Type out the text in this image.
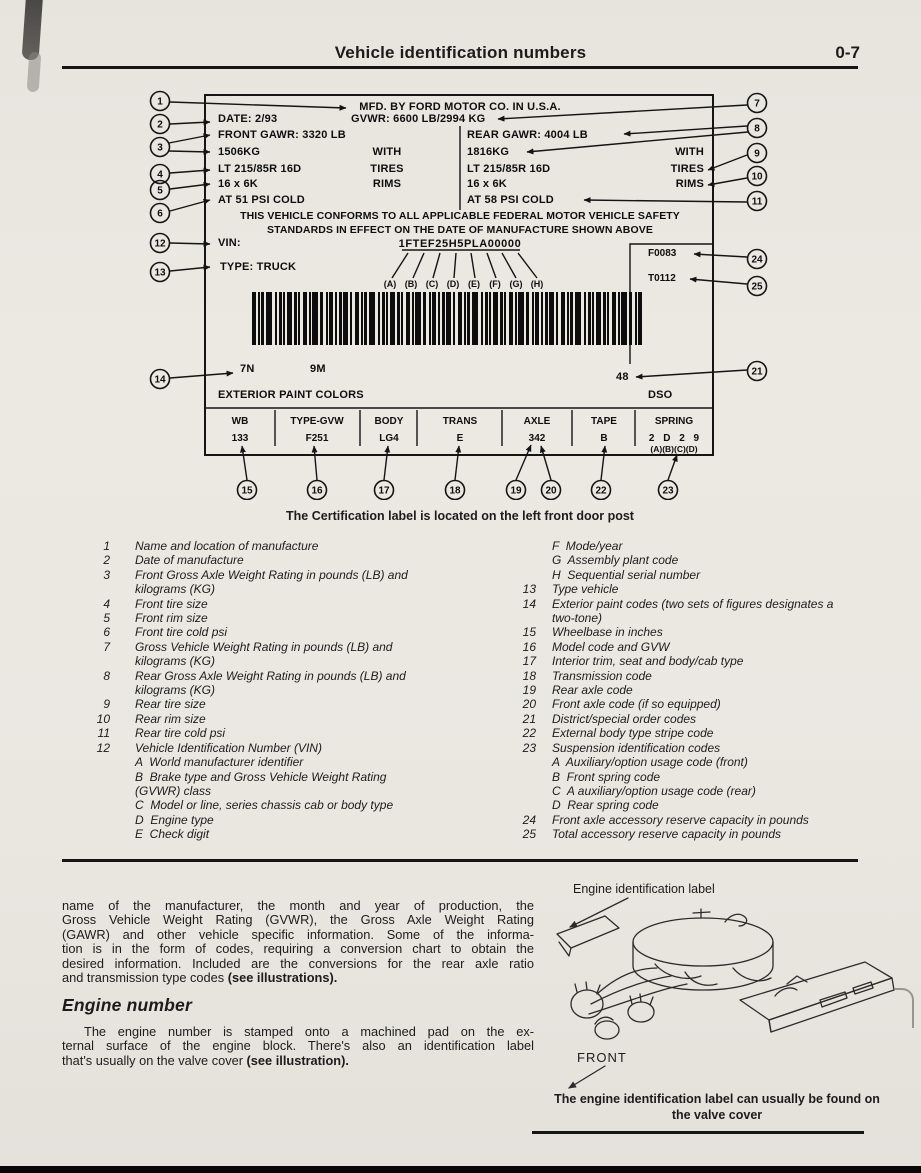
Vehicle identification numbers	0-7
MFD. BY FORD MOTOR CO. IN U.S.A.
GVWR: 6600 LB/2994 KG
DATE: 2/93
FRONT GAWR: 3320 LB	REAR GAWR: 4004 LB
1506KG	WITH	1816KG	WITH
LT 215/85R 16D	TIRES	LT 215/85R 16D	TIRES
16 x 6K	RIMS	16 x 6K	RIMS
AT 51 PSI COLD	AT 58 PSI COLD
THIS VEHICLE CONFORMS TO ALL APPLICABLE FEDERAL MOTOR VEHICLE SAFETY
STANDARDS IN EFFECT ON THE DATE OF MANUFACTURE SHOWN ABOVE
VIN:	1FTEF25H5PLA00000
TYPE: TRUCK
(A) (B) (C) (D) (E) (F) (G) (H)
F0083
T0112
7N	9M
48
EXTERIOR PAINT COLORS	DSO
WB	TYPE-GVW	BODY	TRANS	AXLE	TAPE	SPRING
133	F251	LG4	E	342	B	2 D 2 9
(A)(B)(C)(D)
1
2
3
4
5
6
12
13
14
7
8
9
10
11
24
25
21
15	16	17	18	19 20	22	23
The Certification label is located on the left front door post
1 Name and location of manufacture
2 Date of manufacture
3 Front Gross Axle Weight Rating in pounds (LB) and
kilograms (KG)
4 Front tire size
5 Front rim size
6 Front tire cold psi
7 Gross Vehicle Weight Rating in pounds (LB) and
kilograms (KG)
8 Rear Gross Axle Weight Rating in pounds (LB) and
kilograms (KG)
9 Rear tire size
10 Rear rim size
11 Rear tire cold psi
12 Vehicle Identification Number (VIN)
A  World manufacturer identifier
B  Brake type and Gross Vehicle Weight Rating
(GVWR) class
C  Model or line, series chassis cab or body type
D  Engine type
E  Check digit
F  Mode/year
G  Assembly plant code
H  Sequential serial number
13 Type vehicle
14 Exterior paint codes (two sets of figures designates a
two-tone)
15 Wheelbase in inches
16 Model code and GVW
17 Interior trim, seat and body/cab type
18 Transmission code
19 Rear axle code
20 Front axle code (if so equipped)
21 District/special order codes
22 External body type stripe code
23 Suspension identification codes
A  Auxiliary/option usage code (front)
B  Front spring code
C  A auxiliary/option usage code (rear)
D  Rear spring code
24 Front axle accessory reserve capacity in pounds
25 Total accessory reserve capacity in pounds
name of the manufacturer, the month and year of production, the
Gross Vehicle Weight Rating (GVWR), the Gross Axle Weight Rating
(GAWR) and other vehicle specific information. Some of the informa-
tion is in the form of codes, requiring a conversion chart to obtain the
desired information. Included are the conversions for the rear axle ratio
and transmission type codes (see illustrations).
Engine number
The engine number is stamped onto a machined pad on the ex-
ternal surface of the engine block. There's also an identification label
that's usually on the valve cover (see illustration).
Engine identification label
FRONT
The engine identification label can usually be found on
the valve cover
